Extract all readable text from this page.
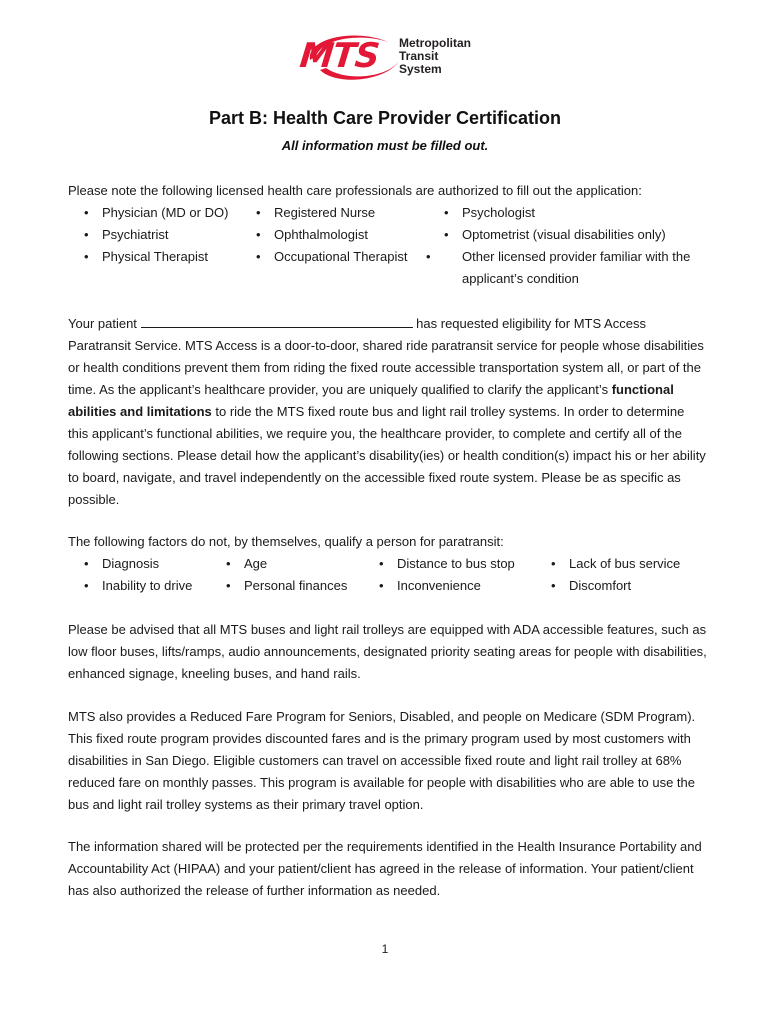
MTS Metropolitan
Transit
System
Part B: Health Care Provider Certification
All information must be filled out.
Please note the following licensed health care professionals are authorized to fill out the application:
• Physician (MD or DO) • Registered Nurse	• Psychologist
• Psychiatrist	• Ophthalmologist	• Optometrist (visual disabilities only)
• Physical Therapist	• Occupational Therapist • Other licensed provider familiar with the applicant’s condition

Your patient	has requested eligibility for MTS Access Paratransit Service. MTS Access is a door-to-door, shared ride paratransit service for people whose disabilities or health conditions prevent them from riding the fixed route accessible transportation system all, or part of the time. As the applicant’s healthcare provider, you are uniquely qualified to clarify the applicant’s functional abilities and limitations to ride the MTS fixed route bus and light rail trolley systems. In order to determine this applicant’s functional abilities, we require you, the healthcare provider, to complete and certify all of the following sections. Please detail how the applicant’s disability(ies) or health condition(s) impact his or her ability to board, navigate, and travel independently on the accessible fixed route system. Please be as specific as possible.

The following factors do not, by themselves, qualify a person for paratransit:
• Diagnosis	• Age	• Distance to bus stop	• Lack of bus service
• Inability to drive	• Personal finances • Inconvenience	• Discomfort

Please be advised that all MTS buses and light rail trolleys are equipped with ADA accessible features, such as low floor buses, lifts/ramps, audio announcements, designated priority seating areas for people with disabilities, enhanced signage, kneeling buses, and hand rails.

MTS also provides a Reduced Fare Program for Seniors, Disabled, and people on Medicare (SDM Program). This fixed route program provides discounted fares and is the primary program used by most customers with disabilities in San Diego. Eligible customers can travel on accessible fixed route and light rail trolley at 68% reduced fare on monthly passes. This program is available for people with disabilities who are able to use the bus and light rail trolley systems as their primary travel option.

The information shared will be protected per the requirements identified in the Health Insurance Portability and Accountability Act (HIPAA) and your patient/client has agreed in the release of information. Your patient/client has also authorized the release of further information as needed.

1
